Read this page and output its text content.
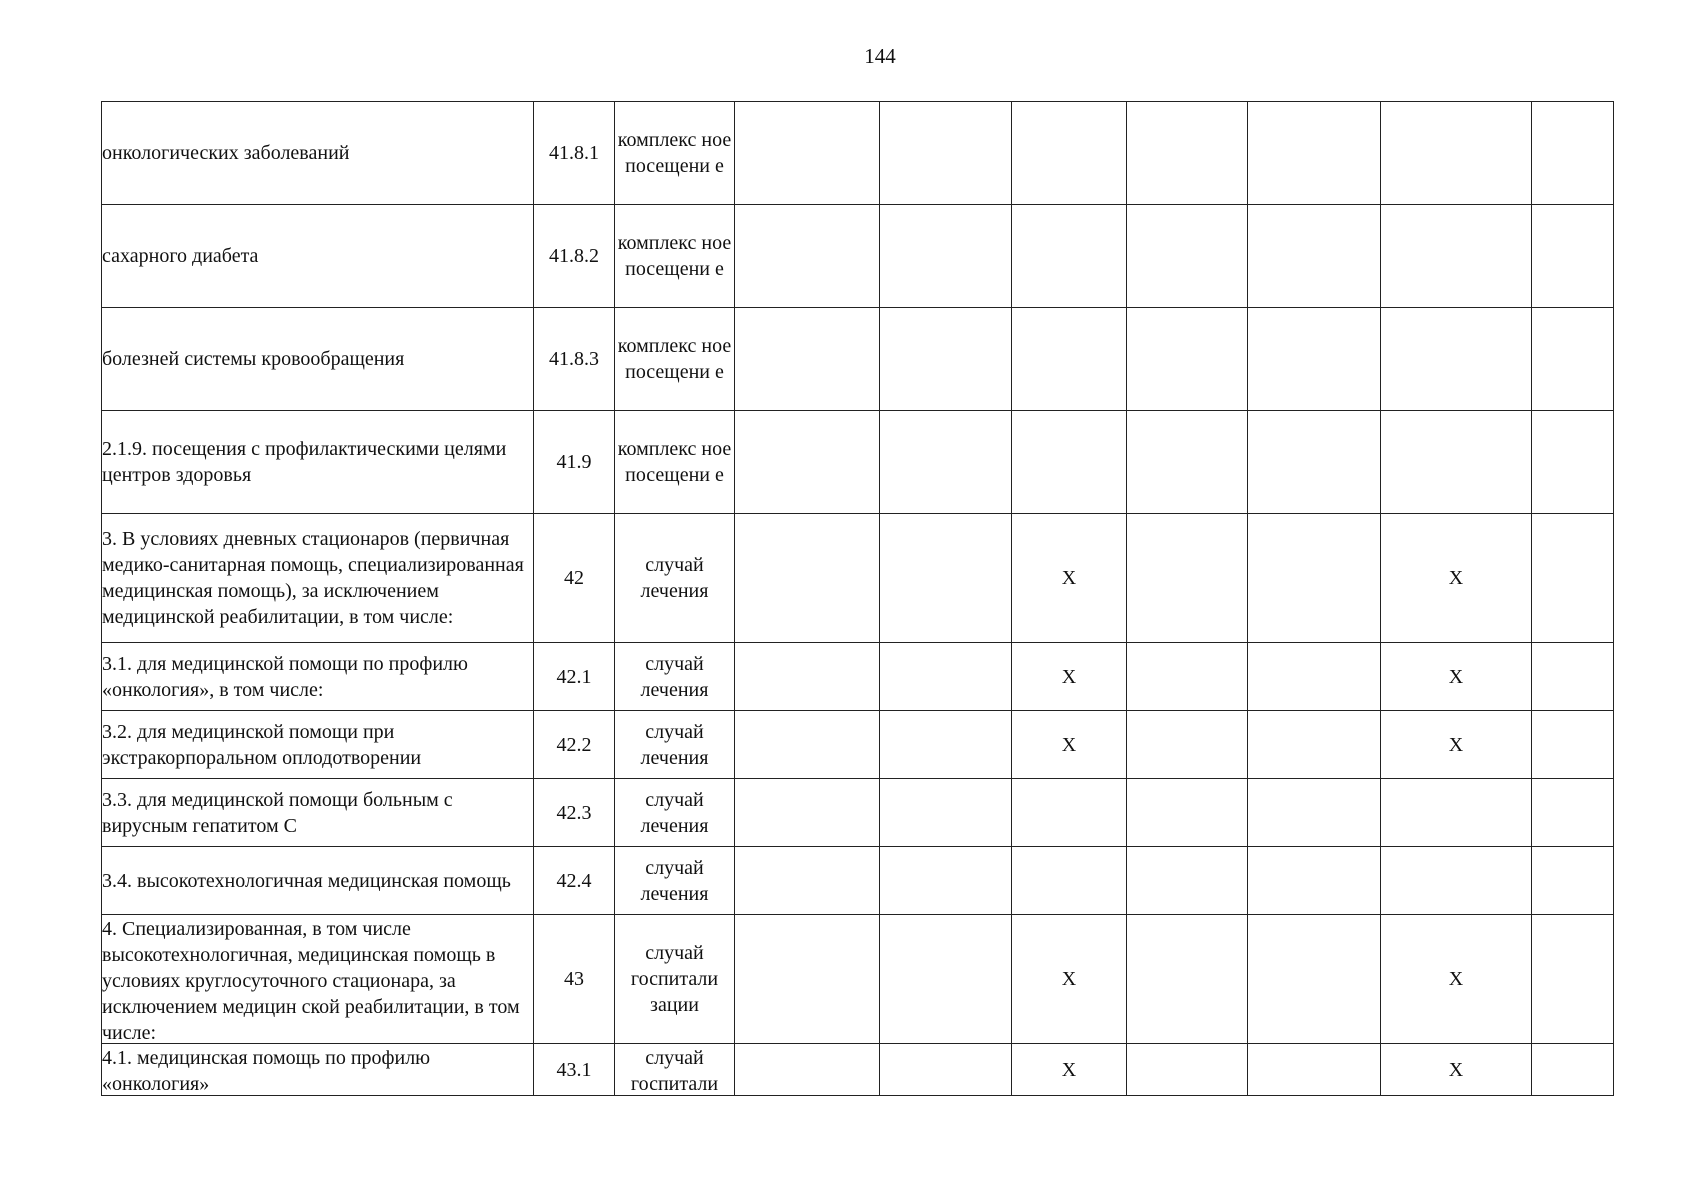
144
онкологических заболеваний	41.8.1	комплекс ное посещени е								

сахарного диабета	41.8.2	комплекс ное посещени е								

болезней системы кровообращения	41.8.3	комплекс ное посещени е								

2.1.9. посещения с профилактическими целями центров здоровья	41.9	комплекс ное посещени е								

3. В условиях дневных стационаров (первичная медико-санитарная помощь, специализированная медицинская помощь), за исключением медицинской реабилитации, в том числе:	42	случай лечения			X			X		

3.1. для медицинской помощи по профилю «онкология», в том числе:	42.1	случай лечения			X			X		

3.2. для медицинской помощи при экстракорпоральном оплодотворении	42.2	случай лечения			X			X		

3.3. для медицинской помощи больным с вирусным гепатитом С	42.3	случай лечения								

3.4. высокотехнологичная медицинская помощь	42.4	случай лечения								

4. Специализированная, в том числе высокотехнологичная, медицинская помощь в условиях круглосуточного стационара, за исключением медицин ской реабилитации, в том числе:	43	случай госпитали зации			X			X		

4.1. медицинская помощь по профилю «онкология»	43.1	случай госпитали			X			X		
